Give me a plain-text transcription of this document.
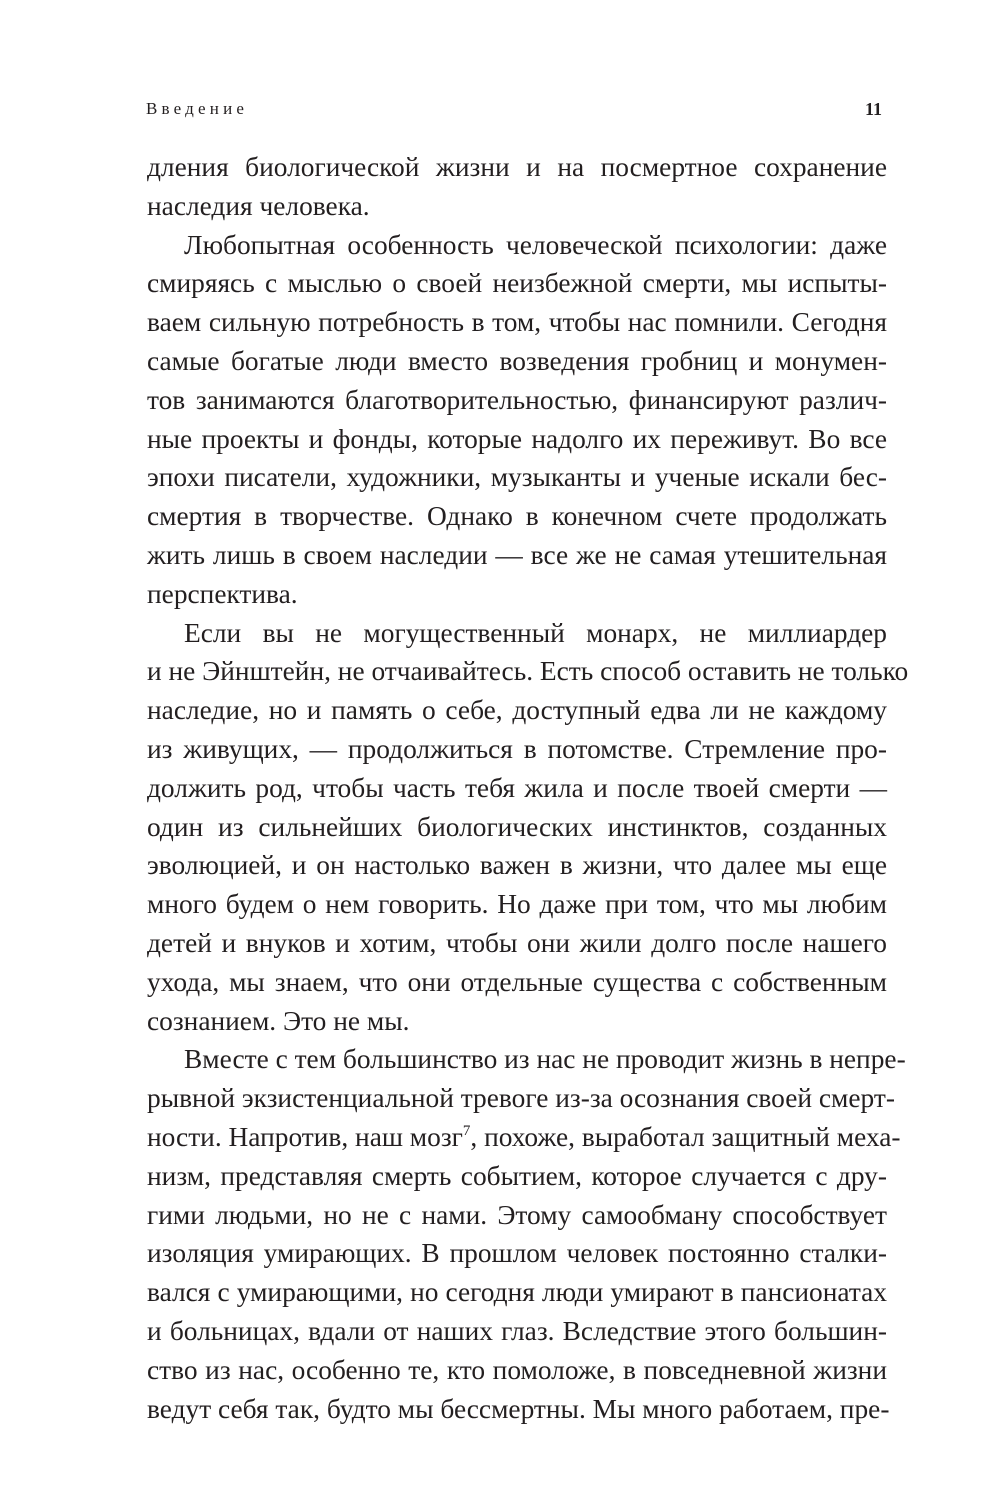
Введение	11
дления биологической жизни и на посмертное сохранение
наследия человека.
Любопытная особенность человеческой психологии: даже
смиряясь с мыслью о своей неизбежной смерти, мы испыты-
ваем сильную потребность в том, чтобы нас помнили. Сегодня
самые богатые люди вместо возведения гробниц и монумен-
тов занимаются благотворительностью, финансируют различ-
ные проекты и фонды, которые надолго их переживут. Во все
эпохи писатели, художники, музыканты и ученые искали бес-
смертия в творчестве. Однако в конечном счете продолжать
жить лишь в своем наследии — все же не самая утешительная
перспектива.
Если вы не могущественный монарх, не миллиардер
и не Эйнштейн, не отчаивайтесь. Есть способ оставить не только
наследие, но и память о себе, доступный едва ли не каждому
из живущих, — продолжиться в потомстве. Стремление про-
должить род, чтобы часть тебя жила и после твоей смерти —
один из сильнейших биологических инстинктов, созданных
эволюцией, и он настолько важен в жизни, что далее мы еще
много будем о нем говорить. Но даже при том, что мы любим
детей и внуков и хотим, чтобы они жили долго после нашего
ухода, мы знаем, что они отдельные существа с собственным
сознанием. Это не мы.
Вместе с тем большинство из нас не проводит жизнь в непре-
рывной экзистенциальной тревоге из-за осознания своей смерт-
ности. Напротив, наш мозг$^7$, похоже, выработал защитный меха-
низм, представляя смерть событием, которое случается с дру-
гими людьми, но не с нами. Этому самообману способствует
изоляция умирающих. В прошлом человек постоянно сталки-
вался с умирающими, но сегодня люди умирают в пансионатах
и больницах, вдали от наших глаз. Вследствие этого большин-
ство из нас, особенно те, кто помоложе, в повседневной жизни
ведут себя так, будто мы бессмертны. Мы много работаем, пре-
